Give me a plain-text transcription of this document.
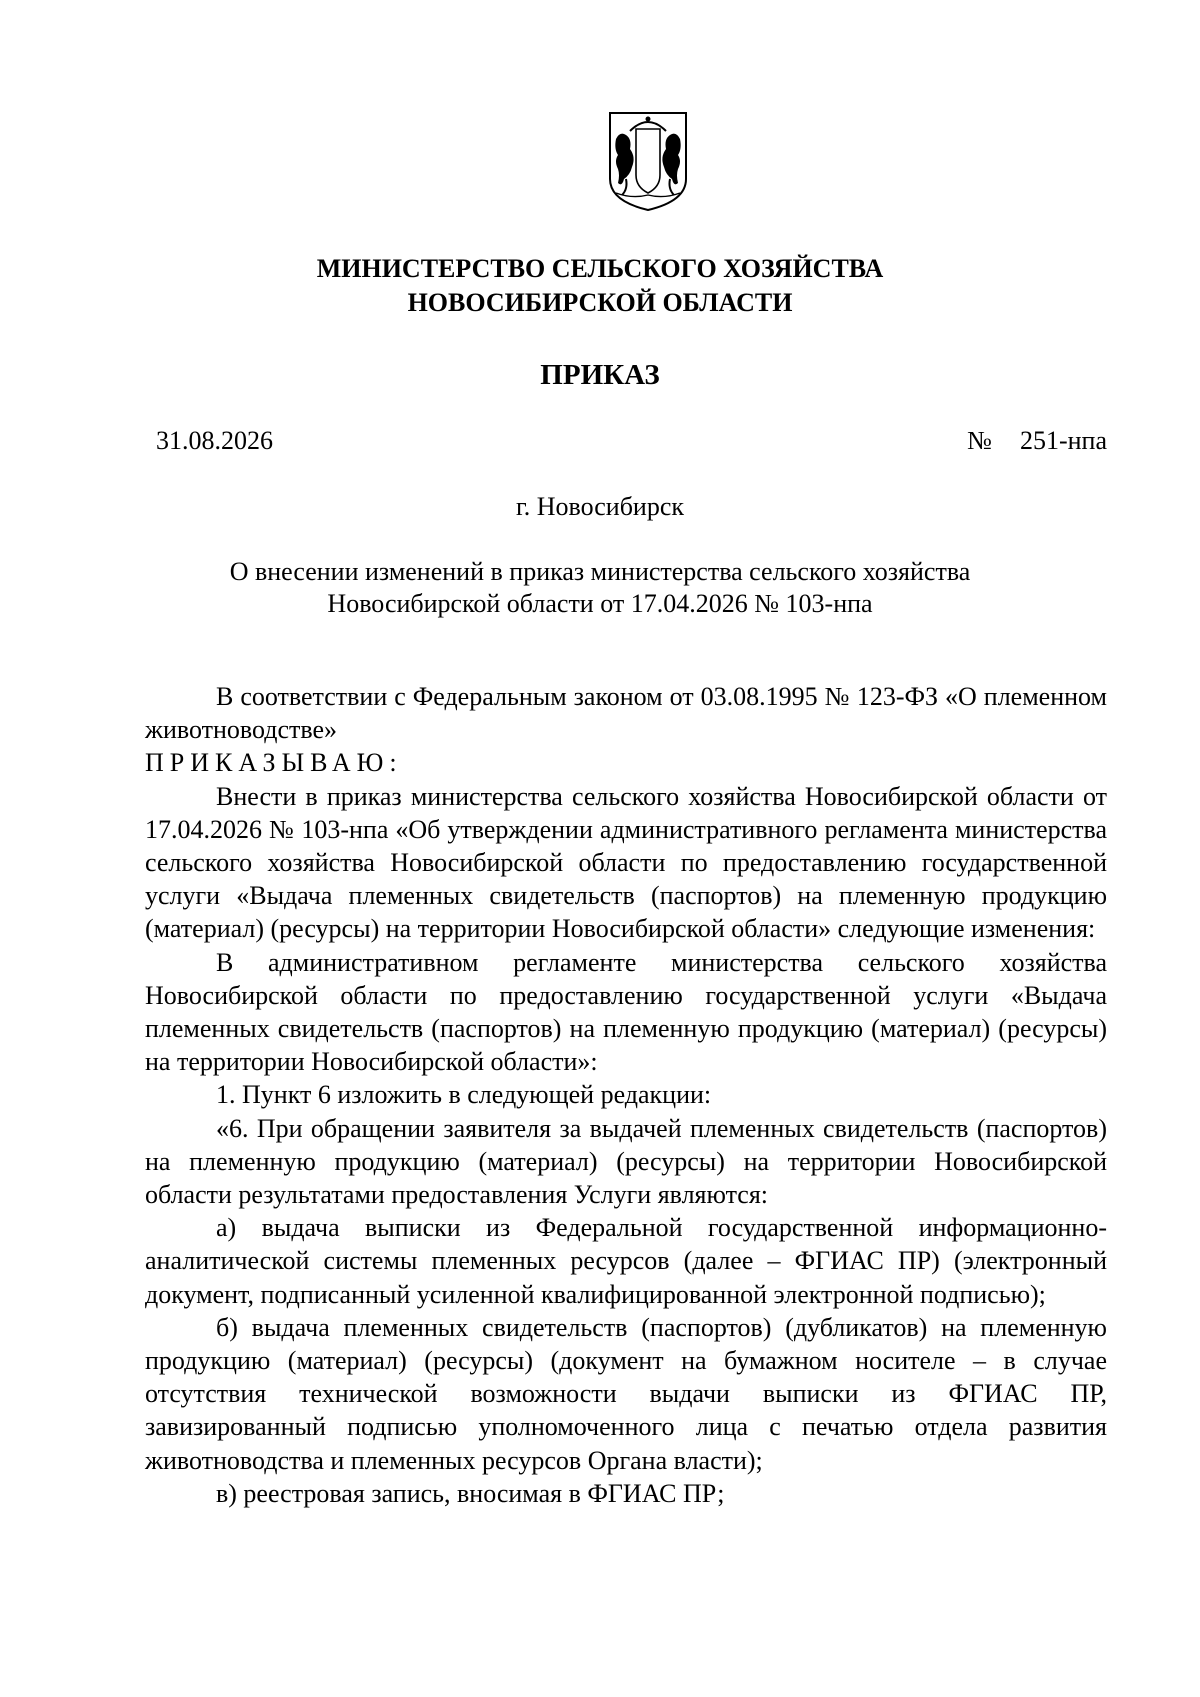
МИНИСТЕРСТВО СЕЛЬСКОГО ХОЗЯЙСТВА
НОВОСИБИРСКОЙ ОБЛАСТИ
ПРИКАЗ
31.08.2026	№ 251-нпа
г. Новосибирск
О внесении изменений в приказ министерства сельского хозяйства
Новосибирской области от 17.04.2026 № 103-нпа

В соответствии с Федеральным законом от 03.08.1995 № 123-ФЗ «О племенном животноводстве»

ПРИКАЗЫВАЮ:

Внести в приказ министерства сельского хозяйства Новосибирской области от 17.04.2026 № 103-нпа «Об утверждении административного регламента министерства сельского хозяйства Новосибирской области по предоставлению государственной услуги «Выдача племенных свидетельств (паспортов) на племенную продукцию (материал) (ресурсы) на территории Новосибирской области» следующие изменения:

В административном регламенте министерства сельского хозяйства Новосибирской области по предоставлению государственной услуги «Выдача племенных свидетельств (паспортов) на племенную продукцию (материал) (ресурсы) на территории Новосибирской области»:

1. Пункт 6 изложить в следующей редакции:

«6. При обращении заявителя за выдачей племенных свидетельств (паспортов) на племенную продукцию (материал) (ресурсы) на территории Новосибирской области результатами предоставления Услуги являются:

а) выдача выписки из Федеральной государственной информационно-аналитической системы племенных ресурсов (далее – ФГИАС ПР) (электронный документ, подписанный усиленной квалифицированной электронной подписью);

б) выдача племенных свидетельств (паспортов) (дубликатов) на племенную продукцию (материал) (ресурсы) (документ на бумажном носителе – в случае отсутствия технической возможности выдачи выписки из ФГИАС ПР, завизированный подписью уполномоченного лица с печатью отдела развития животноводства и племенных ресурсов Органа власти);

в) реестровая запись, вносимая в ФГИАС ПР;
